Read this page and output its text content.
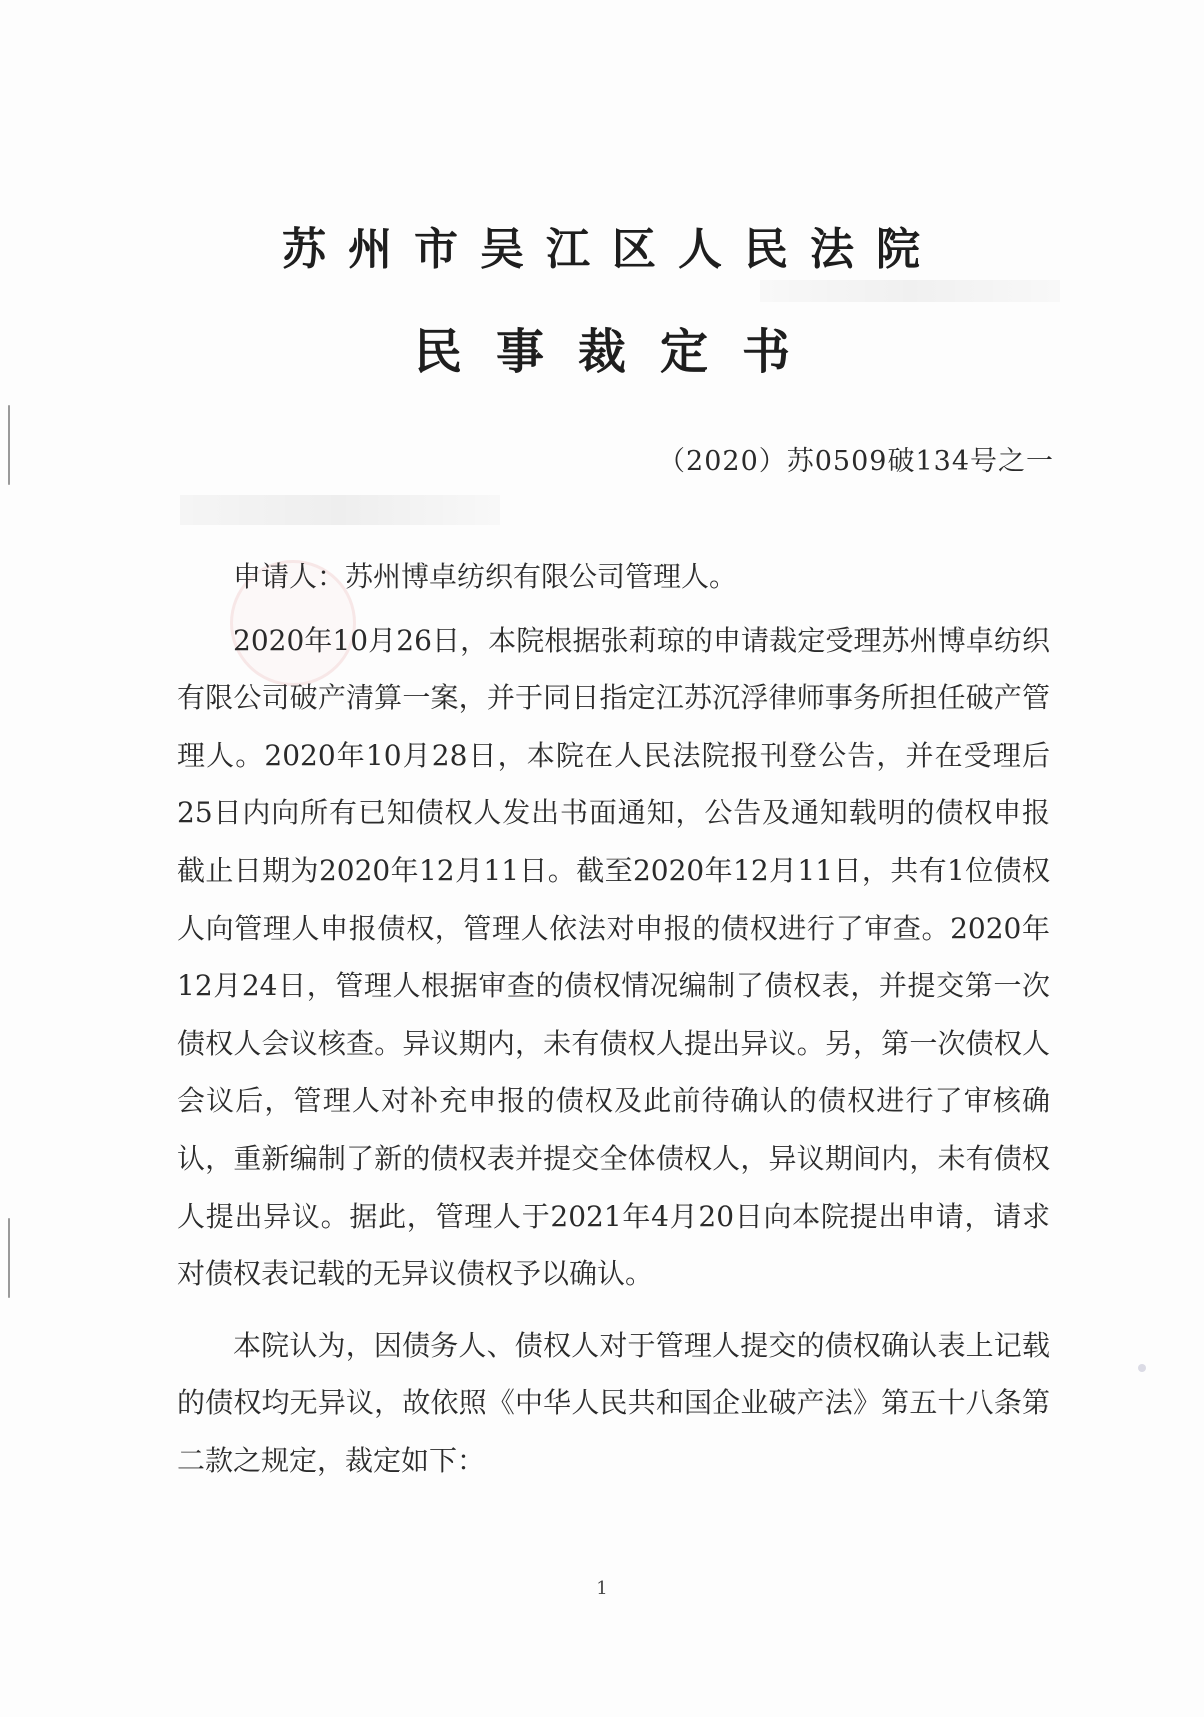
苏州市吴江区人民法院
民事裁定书
（2020）苏0509破134号之一

申请人：苏州博卓纺织有限公司管理人。

2020年10月26日，本院根据张莉琼的申请裁定受理苏州博卓纺织有限公司破产清算一案，并于同日指定江苏沉浮律师事务所担任破产管理人。2020年10月28日，本院在人民法院报刊登公告，并在受理后25日内向所有已知债权人发出书面通知，公告及通知载明的债权申报截止日期为2020年12月11日。截至2020年12月11日，共有1位债权人向管理人申报债权，管理人依法对申报的债权进行了审查。2020年12月24日，管理人根据审查的债权情况编制了债权表，并提交第一次债权人会议核查。异议期内，未有债权人提出异议。另，第一次债权人会议后，管理人对补充申报的债权及此前待确认的债权进行了审核确认，重新编制了新的债权表并提交全体债权人，异议期间内，未有债权人提出异议。据此，管理人于2021年4月20日向本院提出申请，请求对债权表记载的无异议债权予以确认。

本院认为，因债务人、债权人对于管理人提交的债权确认表上记载的债权均无异议，故依照《中华人民共和国企业破产法》第五十八条第二款之规定，裁定如下：

1
